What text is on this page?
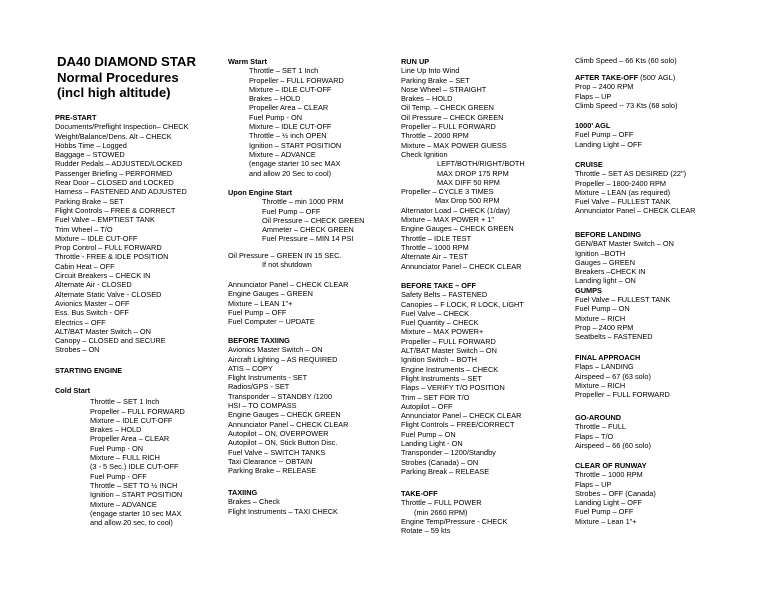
DA40 DIAMOND STAR
Normal Procedures
(incl high altitude)

PRE-START

Documents/Preflight Inspection– CHECK

Weight/Balance/Dens. Alt – CHECK

Hobbs Time – Logged

Baggage – STOWED

Rudder Pedals – ADJUSTED/LOCKED

Passenger Briefing – PERFORMED

Rear Door – CLOSED and LOCKED

Harness – FASTENED AND ADJUSTED

Parking Brake – SET

Flight Controls – FREE & CORRECT

Fuel Valve – EMPTIEST TANK

Trim Wheel – T/O

Mixture – IDLE CUT-OFF

Prop Control – FULL FORWARD

Throttle - FREE & IDLE POSITION

Cabin Heat – OFF

Circuit Breakers – CHECK IN

Alternate Air - CLOSED

Alternate Static Valve - CLOSED

Avionics Master – OFF

Ess. Bus Switch - OFF

Electrics – OFF

ALT/BAT Master Switch – ON

Canopy – CLOSED and SECURE

Strobes – ON

STARTING ENGINE

Cold Start

Throttle – SET 1 Inch

Propeller – FULL FORWARD

Mixture – IDLE CUT-OFF

Brakes – HOLD

Propeller Area – CLEAR

Fuel Pump - ON

Mixture – FULL RICH

(3 - 5 Sec.) IDLE CUT-OFF

Fuel Pump - OFF

Throttle – SET TO ½ INCH

Ignition – START POSITION

Mixture – ADVANCE

(engage starter 10 sec MAX

and allow 20 sec. to cool)

Warm Start

Throttle – SET 1 Inch

Propeller – FULL FORWARD

Mixture – IDLE CUT-OFF

Brakes – HOLD

Propeller Area – CLEAR

Fuel Pump - ON

Mixture – IDLE CUT-OFF

Throttle – ½ inch OPEN

Ignition – START POSITION

Mixture – ADVANCE

(engage starter 10 sec MAX

and allow 20 Sec to cool)

Upon Engine Start

Throttle – min 1000 PRM

Fuel Pump – OFF

Oil Pressure – CHECK GREEN

Ammeter – CHECK GREEN

Fuel Pressure – MIN 14 PSI

Oil Pressure – GREEN IN 15 SEC.

If not shutdown

Annunciator Panel – CHECK CLEAR

Engine Gauges – GREEN

Mixture – LEAN 1"+

Fuel Pump – OFF

Fuel Computer -- UPDATE

BEFORE TAXIING

Avionics Master Switch – ON

Aircraft Lighting – AS REQUIRED

ATIS – COPY

Flight Instruments - SET

Radios/GPS - SET

Transponder – STANDBY /1200

HSI – TO COMPASS

Engine Gauges – CHECK GREEN

Annunciator Panel – CHECK CLEAR

Autopilot – ON, OVERPOWER

Autopilot – ON, Stick Button Disc.

Fuel Valve – SWITCH TANKS

Taxi Clearance -- OBTAIN

Parking Brake – RELEASE

TAXIING

Brakes – Check

Flight Instruments – TAXI CHECK

RUN UP

Line Up Into Wind

Parking Brake – SET

Nose Wheel – STRAIGHT

Brakes – HOLD

Oil Temp. – CHECK GREEN

Oil Pressure – CHECK GREEN

Propeller – FULL FORWARD

Throttle – 2000 RPM

Mixture – MAX POWER GUESS

Check Ignition

LEFT/BOTH/RIGHT/BOTH

MAX DROP 175 RPM

MAX DIFF 50 RPM

Propeller – CYCLE 3 TIMES

Max Drop 500 RPM

Alternator Load – CHECK (1/day)

Mixture – MAX POWER + 1"

Engine Gauges – CHECK GREEN

Throttle – IDLE TEST

Throttle – 1000 RPM

Alternate Air – TEST

Annunciator Panel – CHECK CLEAR

BEFORE TAKE – OFF

Safety Belts – FASTENED

Canopies – F LOCK, R LOCK, LIGHT

Fuel Valve – CHECK

Fuel Quantity – CHECK

Mixture – MAX POWER+

Propeller – FULL FORWARD

ALT/BAT Master Switch – ON

Ignition Switch – BOTH

Engine Instruments – CHECK

Flight Instruments – SET

Flaps – VERIFY T/O POSITION

Trim – SET FOR T/O

Autopilot – OFF

Annunciator Panel – CHECK CLEAR

Flight Controls – FREE/CORRECT

Fuel Pump – ON

Landing Light - ON

Transponder – 1200/Standby

Strobes (Canada) – ON

Parking Break – RELEASE

TAKE-OFF

Throttle – FULL POWER

(min 2660 RPM)

Engine Temp/Pressure - CHECK

Rotate – 59 kts

Climb Speed – 66 Kts (60 solo)

AFTER TAKE-OFF (500' AGL)

Prop – 2400 RPM

Flaps – UP

Climb Speed -- 73 Kts (68 solo)

1000' AGL

Fuel Pump – OFF

Landing Light – OFF

CRUISE

Throttle – SET AS DESIRED (22")

Propeller – 1800-2400 RPM

Mixture – LEAN (as required)

Fuel Valve – FULLEST TANK

Annunciator Panel – CHECK CLEAR

BEFORE LANDING

GEN/BAT Master Switch – ON

Ignition –BOTH

Gauges – GREEN

Breakers –CHECK IN

Landing light – ON

GUMPS

Fuel Valve – FULLEST TANK

Fuel Pump – ON

Mixture – RICH

Prop – 2400 RPM

Seatbelts – FASTENED

FINAL APPROACH

Flaps – LANDING

Airspeed – 67 (63 solo)

Mixture – RICH

Propeller – FULL FORWARD

GO-AROUND

Throttle – FULL

Flaps – T/O

Airspeed – 66 (60 solo)

CLEAR OF RUNWAY

Throttle – 1000 RPM

Flaps – UP

Strobes – OFF (Canada)

Landing Light – OFF

Fuel Pump – OFF

Mixture – Lean 1"+
